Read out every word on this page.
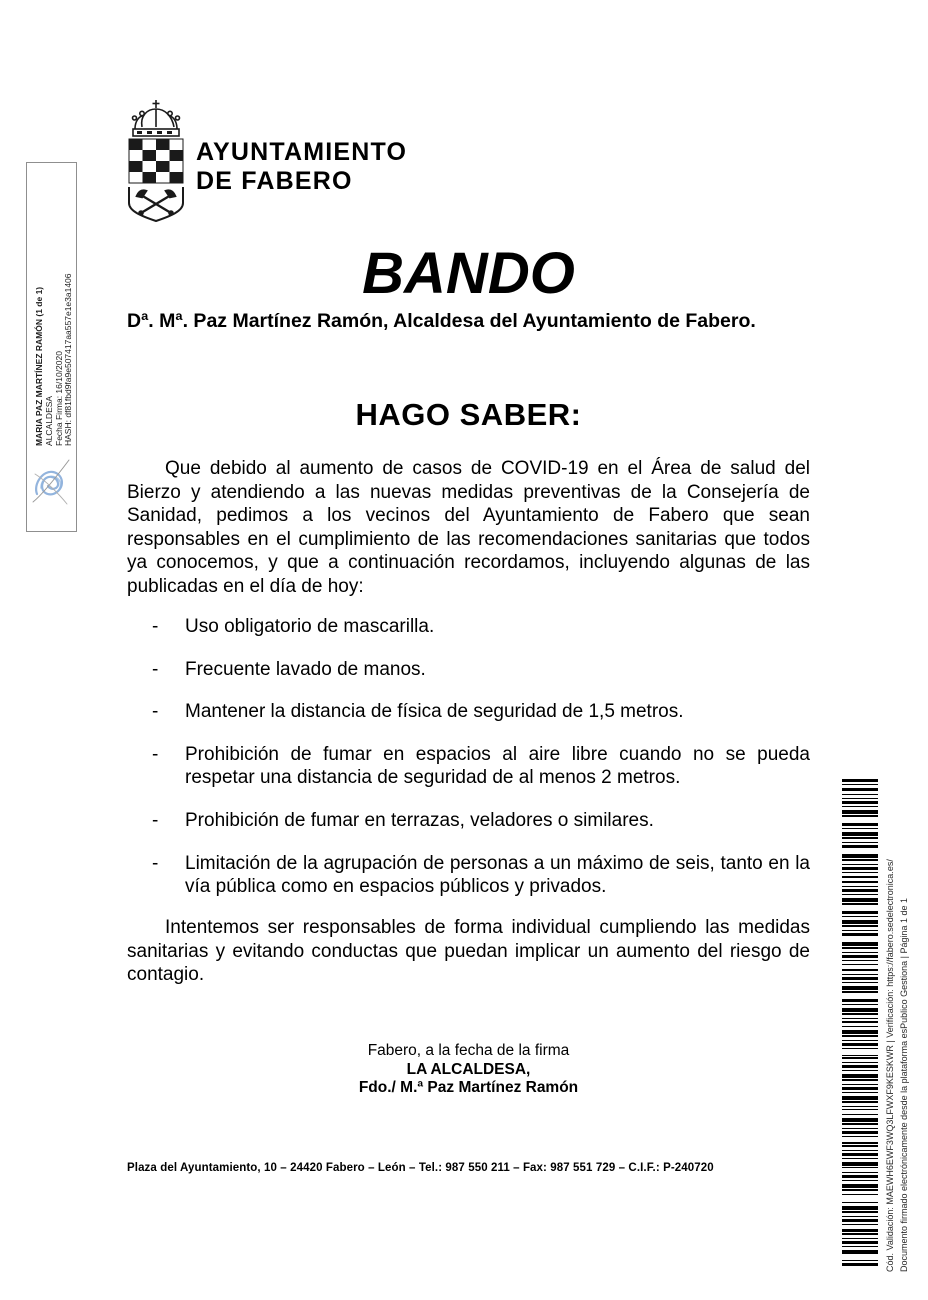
AYUNTAMIENTO
DE FABERO
BANDO
Dª. Mª. Paz Martínez Ramón, Alcaldesa del Ayuntamiento de Fabero.
HAGO SABER:
Que debido al aumento de casos de COVID-19 en el Área de salud del Bierzo y atendiendo a las nuevas medidas preventivas de la Consejería de Sanidad, pedimos a los vecinos del Ayuntamiento de Fabero que sean responsables en el cumplimiento de las recomendaciones sanitarias que todos ya conocemos, y que a continuación recordamos, incluyendo algunas de las publicadas en el día de hoy:
-	Uso obligatorio de mascarilla.
-	Frecuente lavado de manos.
-	Mantener la distancia de física de seguridad de 1,5 metros.
-	Prohibición de fumar en espacios al aire libre cuando no se pueda respetar una distancia de seguridad de al menos 2 metros.
-	Prohibición de fumar en terrazas, veladores o similares.
-	Limitación de la agrupación de personas a un máximo de seis, tanto en la vía pública como en espacios públicos y privados.
Intentemos ser responsables de forma individual cumpliendo las medidas sanitarias y evitando conductas que puedan implicar un aumento del riesgo de contagio.
Fabero, a la fecha de la firma
LA ALCALDESA,
Fdo./ M.ª Paz Martínez Ramón
Plaza del Ayuntamiento, 10 – 24420 Fabero – León – Tel.: 987 550 211 – Fax: 987 551 729 – C.I.F.: P-240720
MARIA PAZ MARTÍNEZ RAMÓN (1 de 1) ALCALDESA Fecha Firma: 16/10/2020 HASH: df81fbd9fa9e507417aa557e1e3a1406
Cód. Validación: MAEWH6EWF3WQ3LFWXF9KESKWR | Verificación: https://fabero.sedelectronica.es/ Documento firmado electrónicamente desde la plataforma esPublico Gestiona | Página 1 de 1
